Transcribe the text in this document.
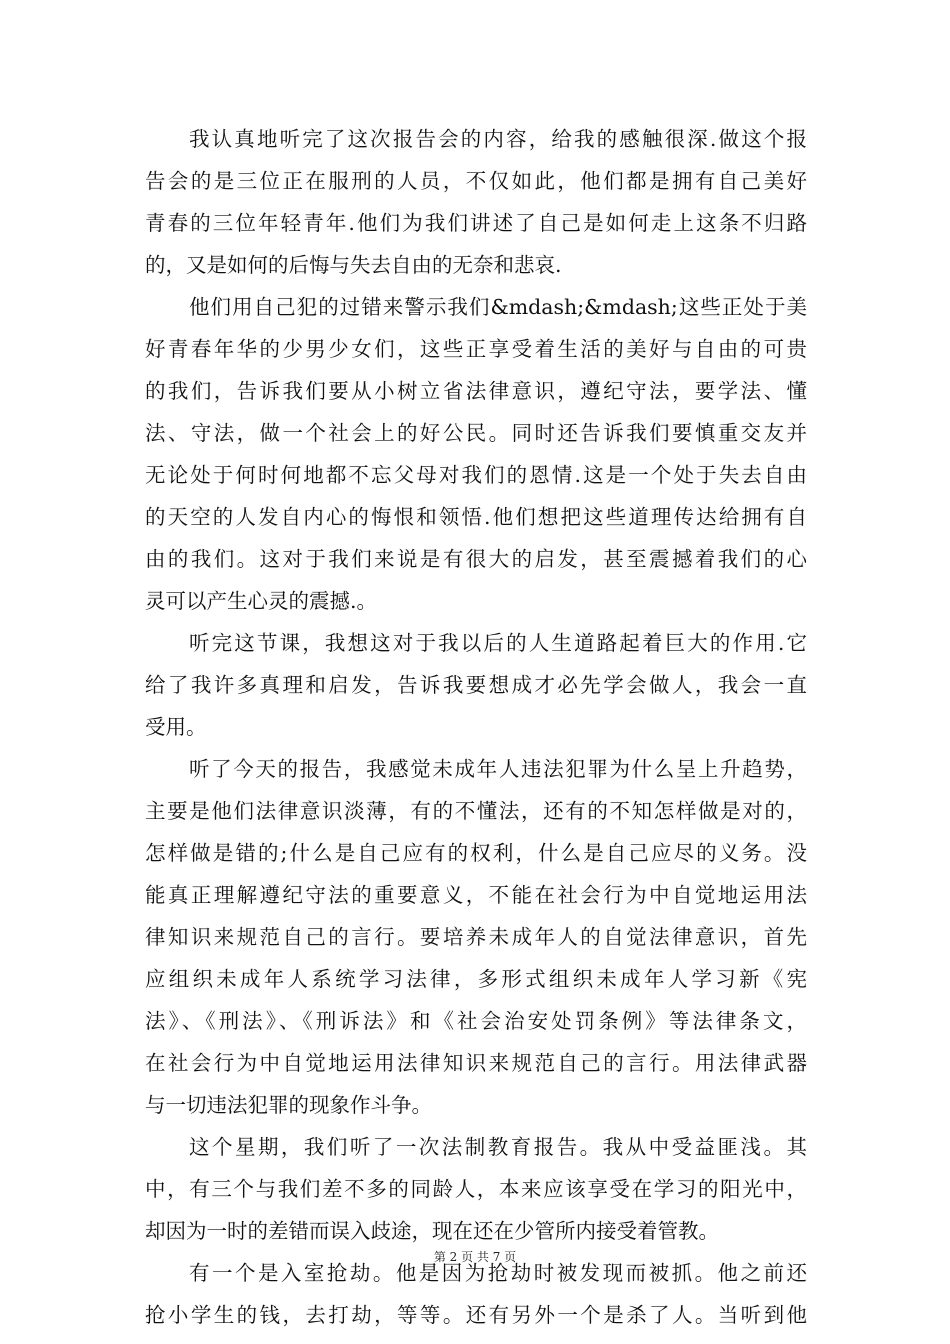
我认真地听完了这次报告会的内容，给我的感触很深.做这个报
告会的是三位正在服刑的人员，不仅如此，他们都是拥有自己美好
青春的三位年轻青年.他们为我们讲述了自己是如何走上这条不归路
的，又是如何的后悔与失去自由的无奈和悲哀.
他们用自己犯的过错来警示我们&mdash;&mdash;这些正处于美
好青春年华的少男少女们，这些正享受着生活的美好与自由的可贵
的我们，告诉我们要从小树立省法律意识，遵纪守法，要学法、懂
法、守法，做一个社会上的好公民。同时还告诉我们要慎重交友并
无论处于何时何地都不忘父母对我们的恩情.这是一个处于失去自由
的天空的人发自内心的悔恨和领悟.他们想把这些道理传达给拥有自
由的我们。这对于我们来说是有很大的启发，甚至震撼着我们的心
灵可以产生心灵的震撼.。
听完这节课，我想这对于我以后的人生道路起着巨大的作用.它
给了我许多真理和启发，告诉我要想成才必先学会做人，我会一直
受用。
听了今天的报告，我感觉未成年人违法犯罪为什么呈上升趋势，
主要是他们法律意识淡薄，有的不懂法，还有的不知怎样做是对的，
怎样做是错的;什么是自己应有的权利，什么是自己应尽的义务。没
能真正理解遵纪守法的重要意义，不能在社会行为中自觉地运用法
律知识来规范自己的言行。要培养未成年人的自觉法律意识，首先
应组织未成年人系统学习法律，多形式组织未成年人学习新《宪
法》、《刑法》、《刑诉法》和《社会治安处罚条例》等法律条文，
在社会行为中自觉地运用法律知识来规范自己的言行。用法律武器
与一切违法犯罪的现象作斗争。
这个星期，我们听了一次法制教育报告。我从中受益匪浅。其
中，有三个与我们差不多的同龄人，本来应该享受在学习的阳光中，
却因为一时的差错而误入歧途，现在还在少管所内接受着管教。
有一个是入室抢劫。他是因为抢劫时被发现而被抓。他之前还
抢小学生的钱，去打劫，等等。还有另外一个是杀了人。当听到他
第 2 页 共 7 页
